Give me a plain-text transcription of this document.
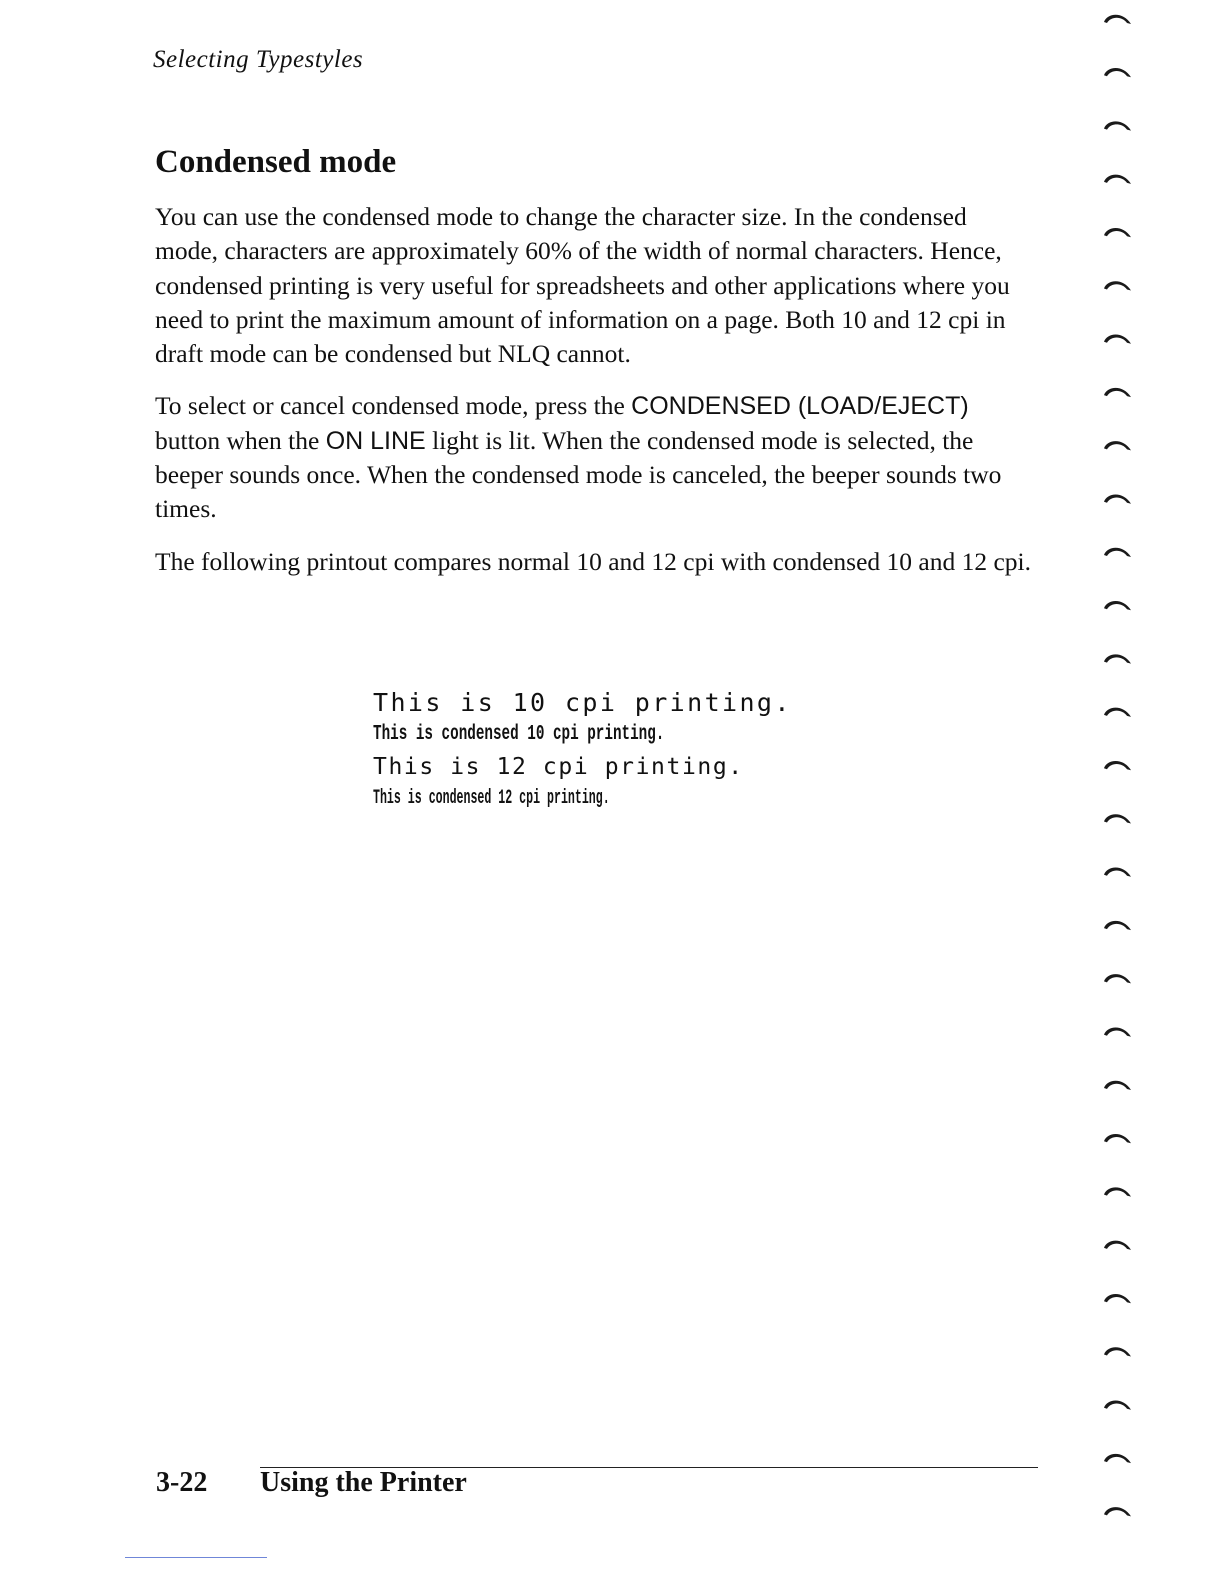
Selecting Typestyles
Condensed mode

You can use the condensed mode to change the character size. In the condensed mode, characters are approximately 60% of the width of normal characters. Hence, condensed printing is very useful for spreadsheets and other applications where you need to print the maximum amount of information on a page. Both 10 and 12 cpi in draft mode can be condensed but NLQ cannot.

To select or cancel condensed mode, press the CONDENSED (LOAD/EJECT) button when the ON LINE light is lit. When the condensed mode is selected, the beeper sounds once. When the condensed mode is canceled, the beeper sounds two times.

The following printout compares normal 10 and 12 cpi with condensed 10 and 12 cpi.

This is 10 cpi printing.
This is condensed 10 cpi printing.
This is 12 cpi printing.
This is condensed 12 cpi printing.
3-22 Using the Printer
